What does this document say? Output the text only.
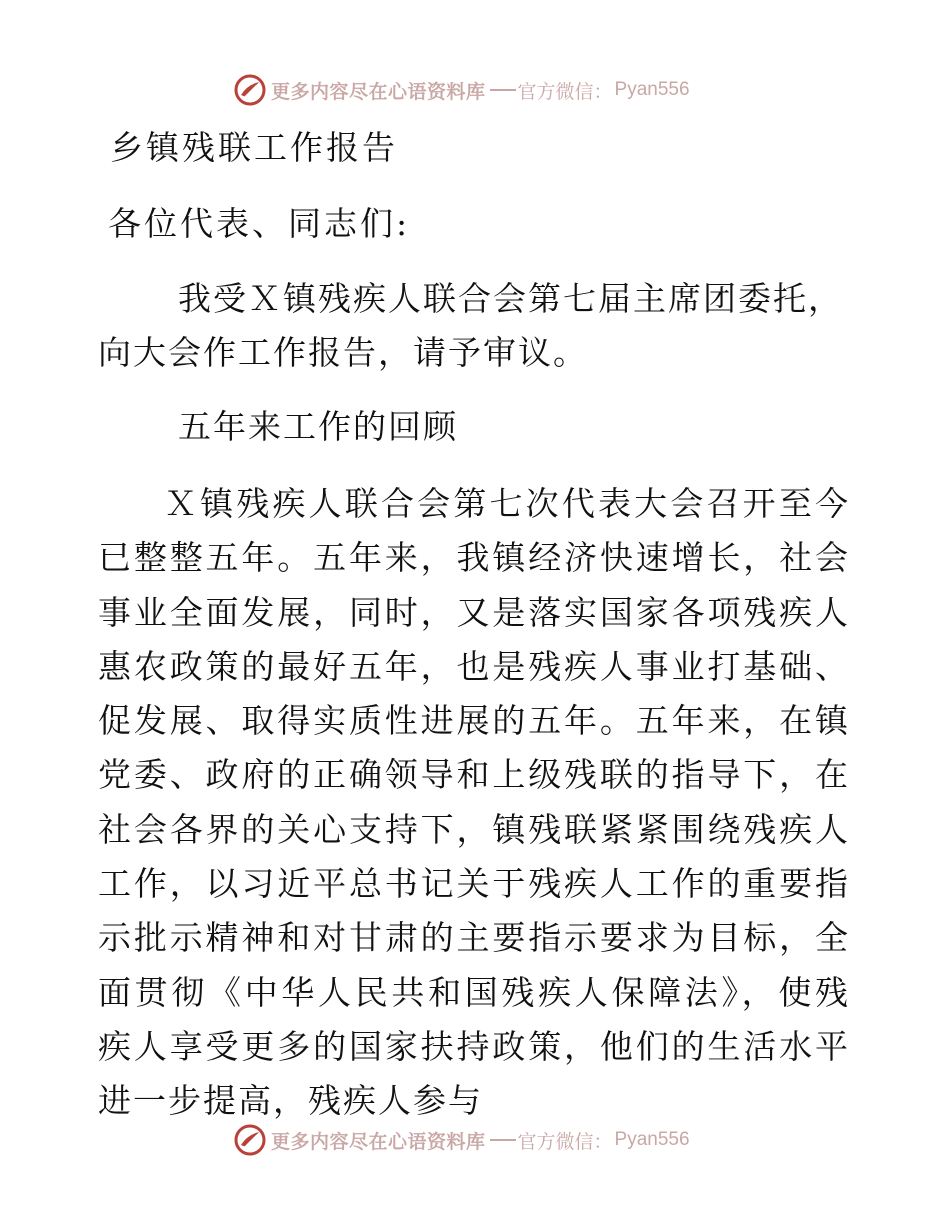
更多内容尽在心语资料库 官方微信： Pyan556
乡镇残联工作报告
各位代表、同志们:
我受Ｘ镇残疾人联合会第七届主席团委托，
向大会作工作报告，请予审议。
五年来工作的回顾
Ｘ镇残疾人联合会第七次代表大会召开至今已整整五年。五年来，我镇经济快速增长，社会事业全面发展，同时，又是落实国家各项残疾人惠农政策的最好五年，也是残疾人事业打基础、促发展、取得实质性进展的五年。五年来，在镇党委、政府的正确领导和上级残联的指导下，在社会各界的关心支持下，镇残联紧紧围绕残疾人工作，以习近平总书记关于残疾人工作的重要指示批示精神和对甘肃的主要指示要求为目标，全面贯彻《中华人民共和国残疾人保障法》，使残疾人享受更多的国家扶持政策，他们的生活水平进一步提高，残疾人参与
更多内容尽在心语资料库 官方微信： Pyan556
